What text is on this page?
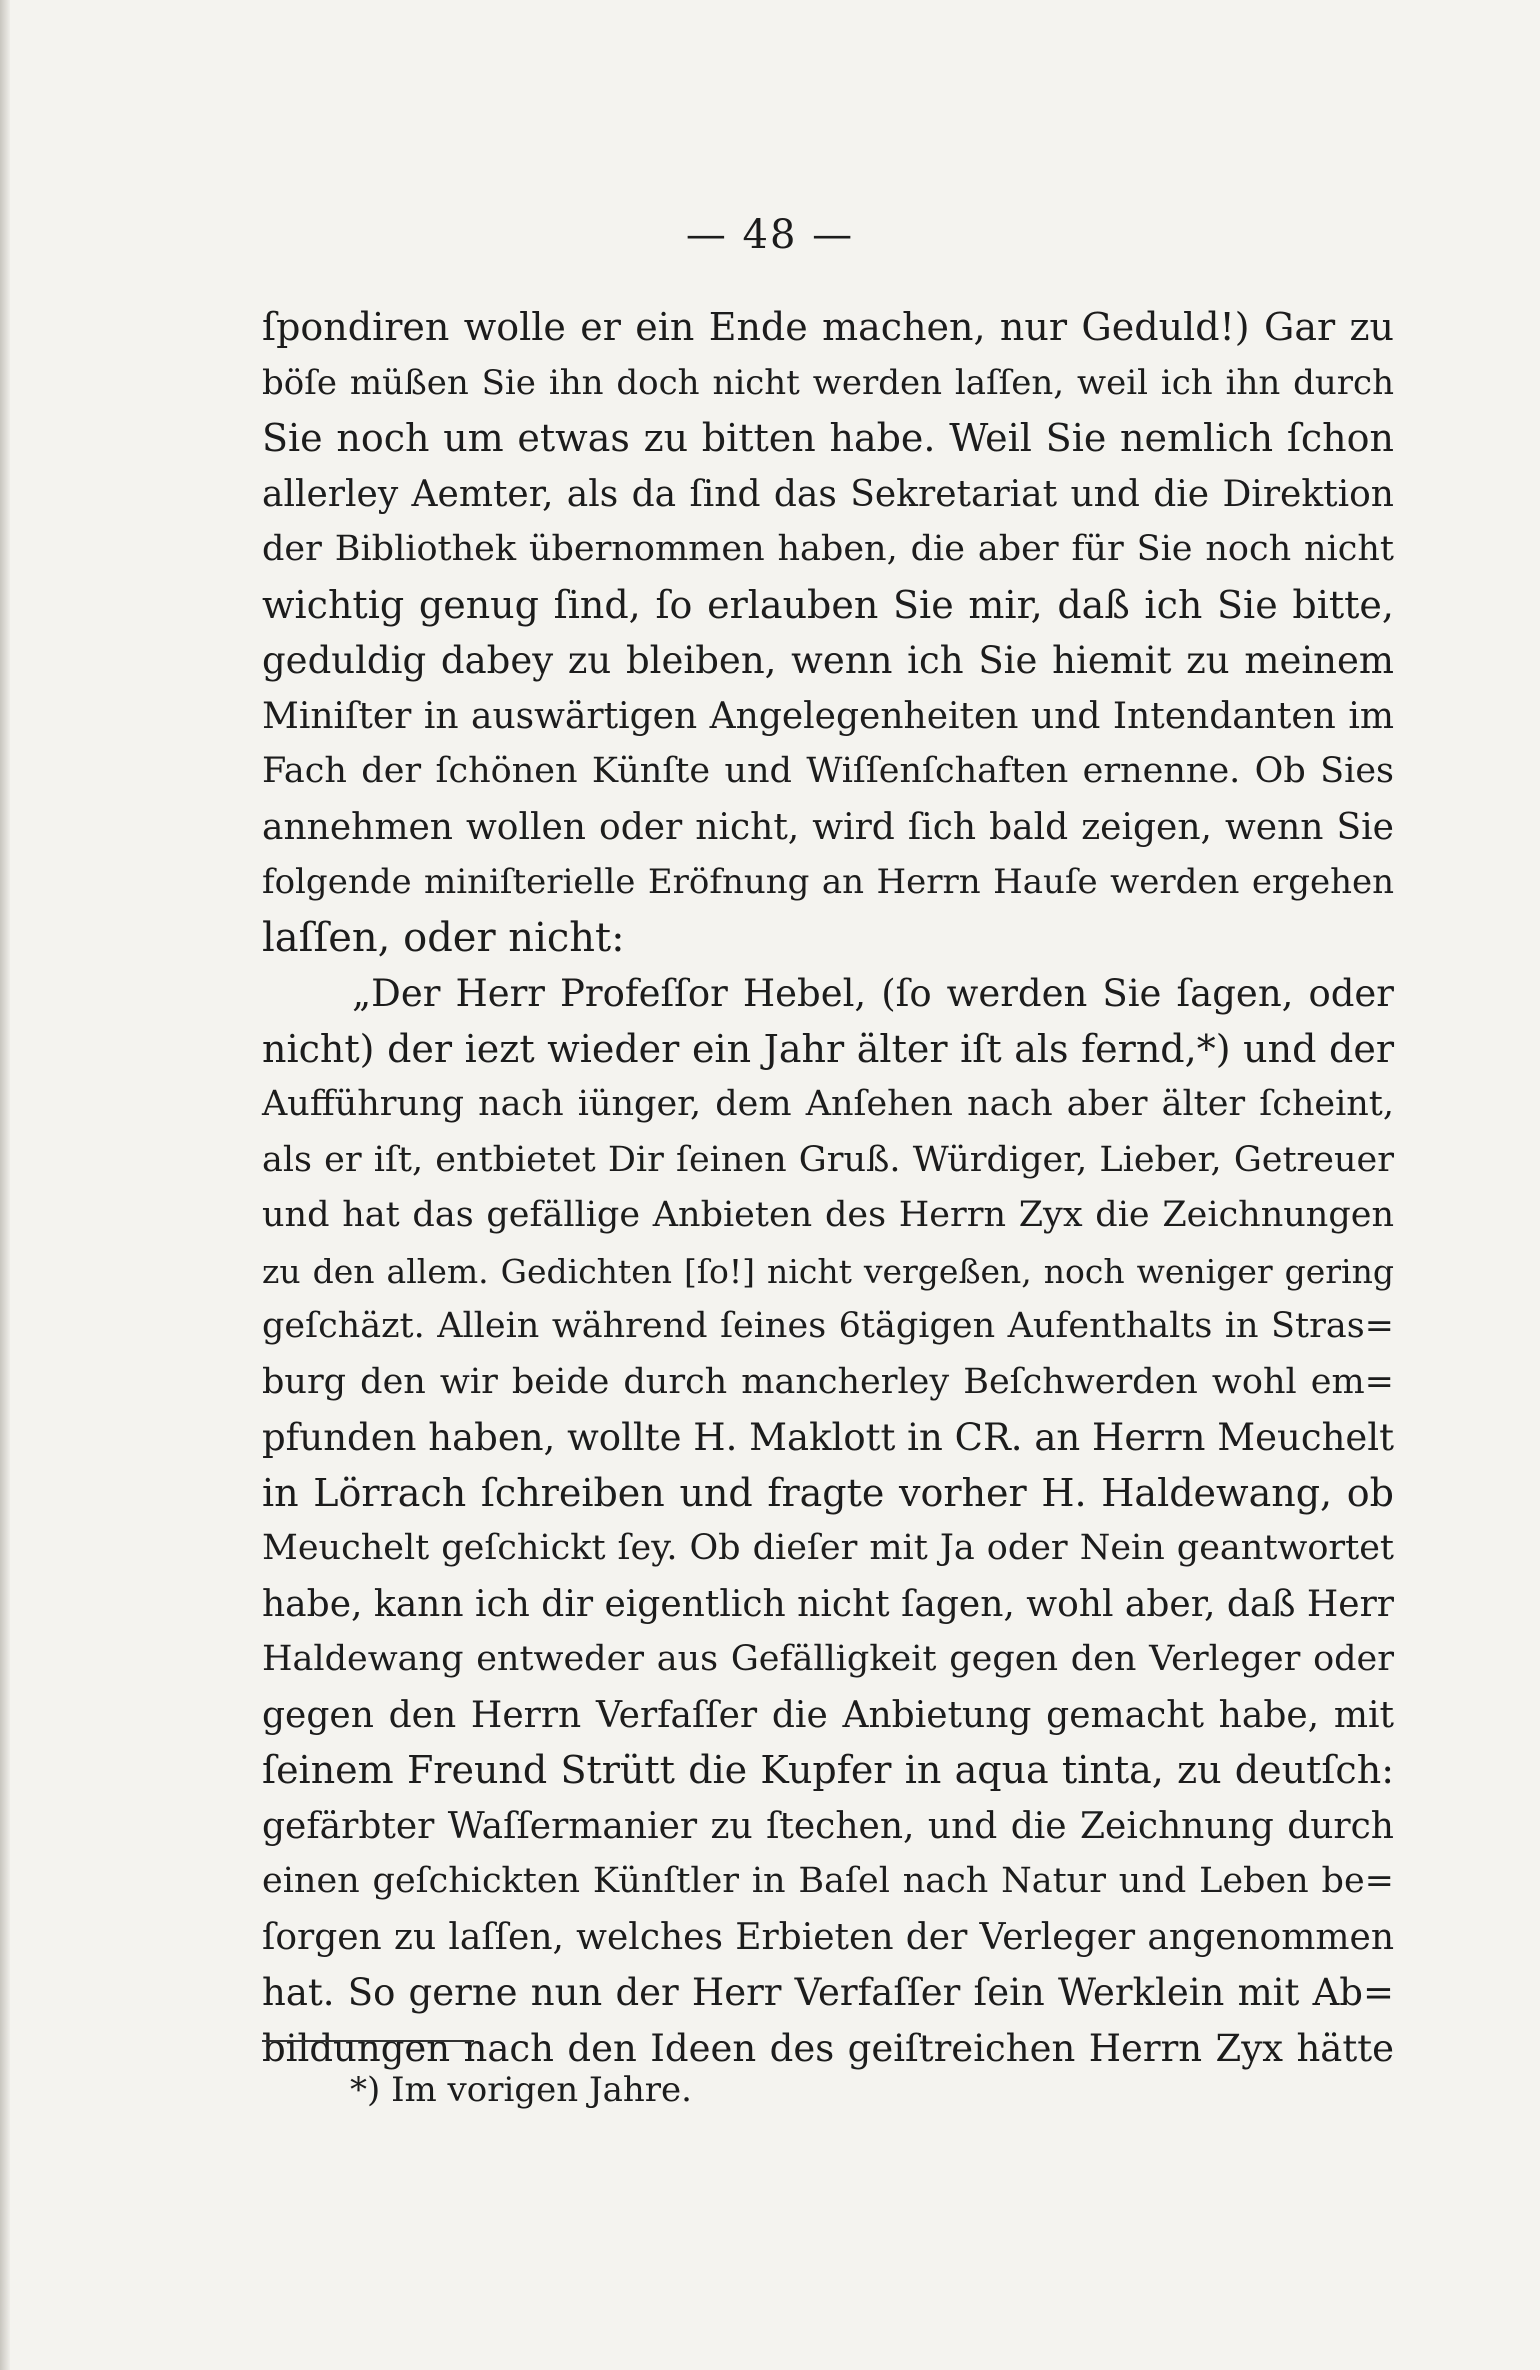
— 48 —
ſpondiren wolle er ein Ende machen, nur Geduld!) Gar zu
böſe müßen Sie ihn doch nicht werden laſſen, weil ich ihn durch
Sie noch um etwas zu bitten habe. Weil Sie nemlich ſchon
allerley Aemter, als da ſind das Sekretariat und die Direktion
der Bibliothek übernommen haben, die aber für Sie noch nicht
wichtig genug ſind, ſo erlauben Sie mir, daß ich Sie bitte,
geduldig dabey zu bleiben, wenn ich Sie hiemit zu meinem
Miniſter in auswärtigen Angelegenheiten und Intendanten im
Fach der ſchönen Künſte und Wiſſenſchaften ernenne. Ob Sies
annehmen wollen oder nicht, wird ſich bald zeigen, wenn Sie
folgende miniſterielle Eröfnung an Herrn Hauſe werden ergehen
laſſen, oder nicht:
„Der Herr Profeſſor Hebel, (ſo werden Sie ſagen, oder
nicht) der iezt wieder ein Jahr älter iſt als fernd,*) und der
Aufführung nach iünger, dem Anſehen nach aber älter ſcheint,
als er iſt, entbietet Dir ſeinen Gruß. Würdiger, Lieber, Getreuer
und hat das gefällige Anbieten des Herrn Zyx die Zeichnungen
zu den allem. Gedichten [ſo!] nicht vergeßen, noch weniger gering
geſchäzt. Allein während ſeines 6tägigen Aufenthalts in Stras=
burg den wir beide durch mancherley Beſchwerden wohl em=
pfunden haben, wollte H. Maklott in CR. an Herrn Meuchelt
in Lörrach ſchreiben und fragte vorher H. Haldewang, ob
Meuchelt geſchickt ſey. Ob dieſer mit Ja oder Nein geantwortet
habe, kann ich dir eigentlich nicht ſagen, wohl aber, daß Herr
Haldewang entweder aus Gefälligkeit gegen den Verleger oder
gegen den Herrn Verfaſſer die Anbietung gemacht habe, mit
ſeinem Freund Strütt die Kupfer in aqua tinta, zu deutſch:
gefärbter Waſſermanier zu ſtechen, und die Zeichnung durch
einen geſchickten Künſtler in Baſel nach Natur und Leben be=
ſorgen zu laſſen, welches Erbieten der Verleger angenommen
hat. So gerne nun der Herr Verfaſſer ſein Werklein mit Ab=
bildungen nach den Ideen des geiſtreichen Herrn Zyx hätte
*) Im vorigen Jahre.
